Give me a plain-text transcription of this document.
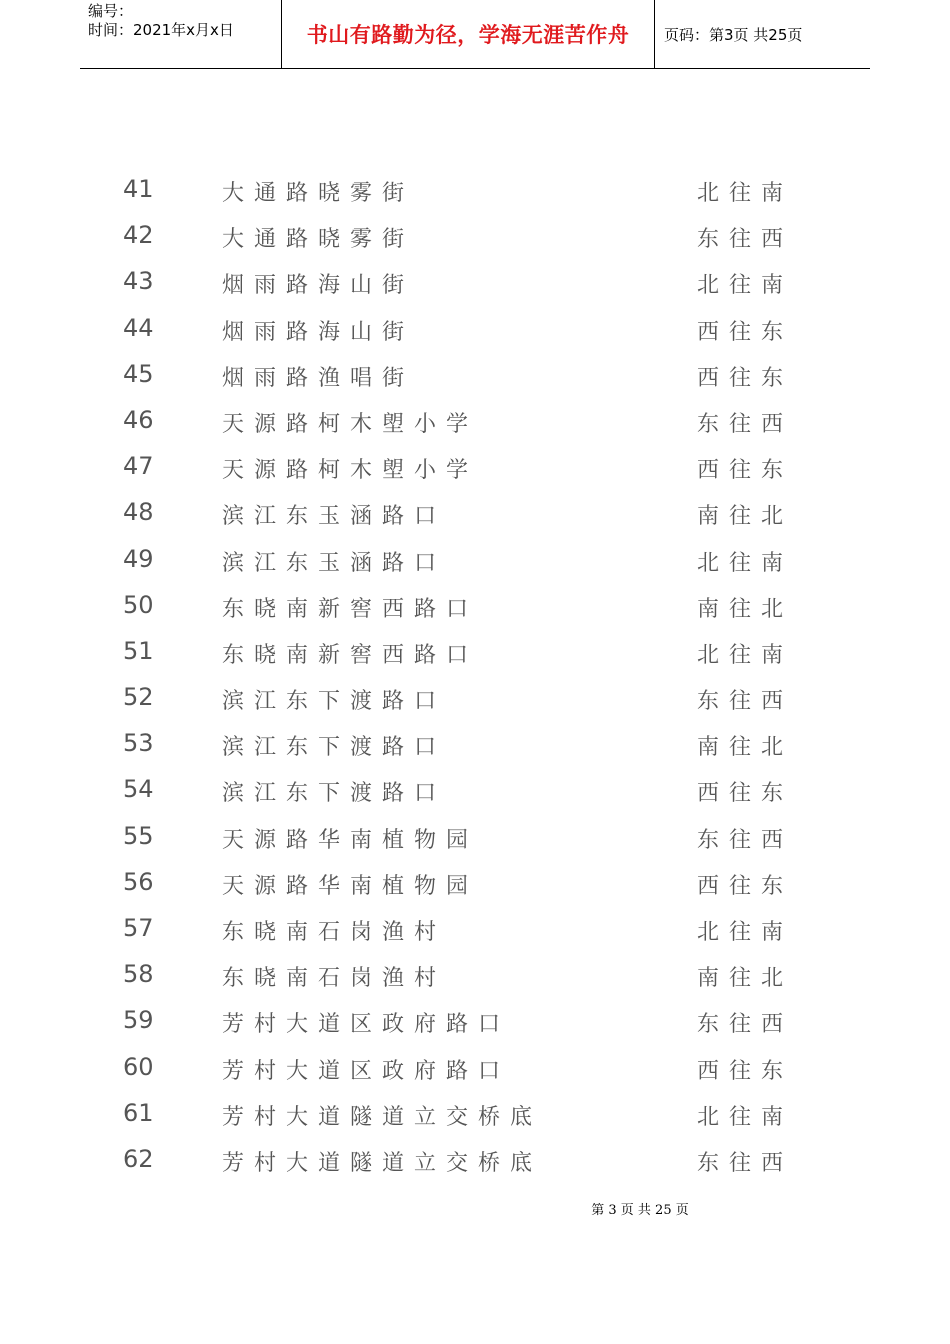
编号：
时间：2021年x月x日	书山有路勤为径，学海无涯苦作舟	页码：第3页 共25页
41	大通路晓雾街	北往南
42	大通路晓雾街	东往西
43	烟雨路海山街	北往南
44	烟雨路海山街	西往东
45	烟雨路渔唱街	西往东
46	天源路柯木塱小学	东往西
47	天源路柯木塱小学	西往东
48	滨江东玉涵路口	南往北
49	滨江东玉涵路口	北往南
50	东晓南新窖西路口	南往北
51	东晓南新窖西路口	北往南
52	滨江东下渡路口	东往西
53	滨江东下渡路口	南往北
54	滨江东下渡路口	西往东
55	天源路华南植物园	东往西
56	天源路华南植物园	西往东
57	东晓南石岗渔村	北往南
58	东晓南石岗渔村	南往北
59	芳村大道区政府路口	东往西
60	芳村大道区政府路口	西往东
61	芳村大道隧道立交桥底	北往南
62	芳村大道隧道立交桥底	东往西
第 3 页 共 25 页
